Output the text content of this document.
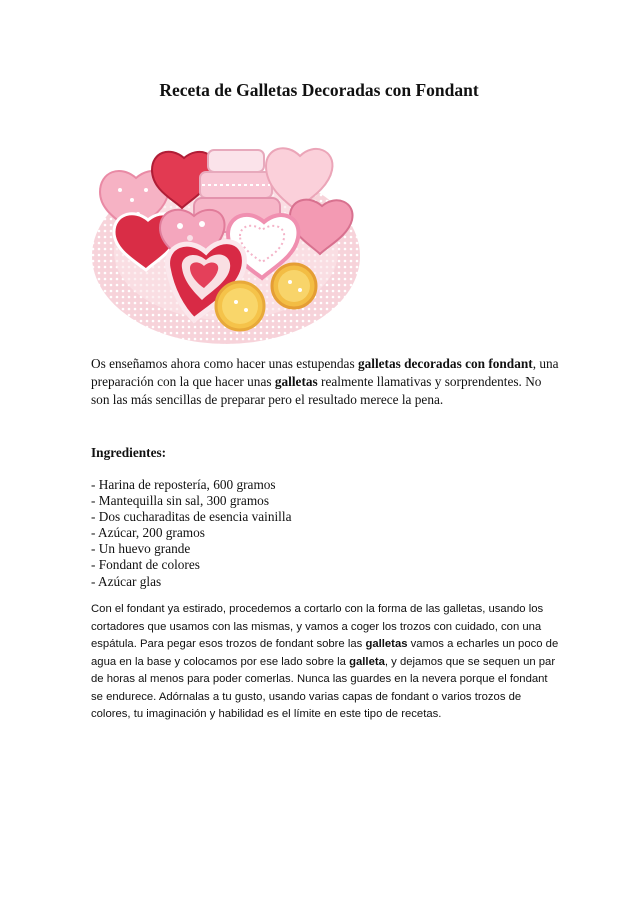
Receta de Galletas Decoradas con Fondant
Os enseñamos ahora como hacer unas estupendas galletas decoradas con fondant, una preparación con la que hacer unas galletas realmente llamativas y sorprendentes. No son las más sencillas de preparar pero el resultado merece la pena.
Ingredientes:
- Harina de repostería, 600 gramos
- Mantequilla sin sal, 300 gramos
- Dos cucharaditas de esencia vainilla
- Azúcar, 200 gramos
- Un huevo grande
- Fondant de colores
- Azúcar glas
Con el fondant ya estirado, procedemos a cortarlo con la forma de las galletas, usando los cortadores que usamos con las mismas, y vamos a coger los trozos con cuidado, con una espátula. Para pegar esos trozos de fondant sobre las galletas vamos a echarles un poco de agua en la base y colocamos por ese lado sobre la galleta, y dejamos que se sequen un par de horas al menos para poder comerlas. Nunca las guardes en la nevera porque el fondant se endurece. Adórnalas a tu gusto, usando varias capas de fondant o varios trozos de colores, tu imaginación y habilidad es el límite en este tipo de recetas.
